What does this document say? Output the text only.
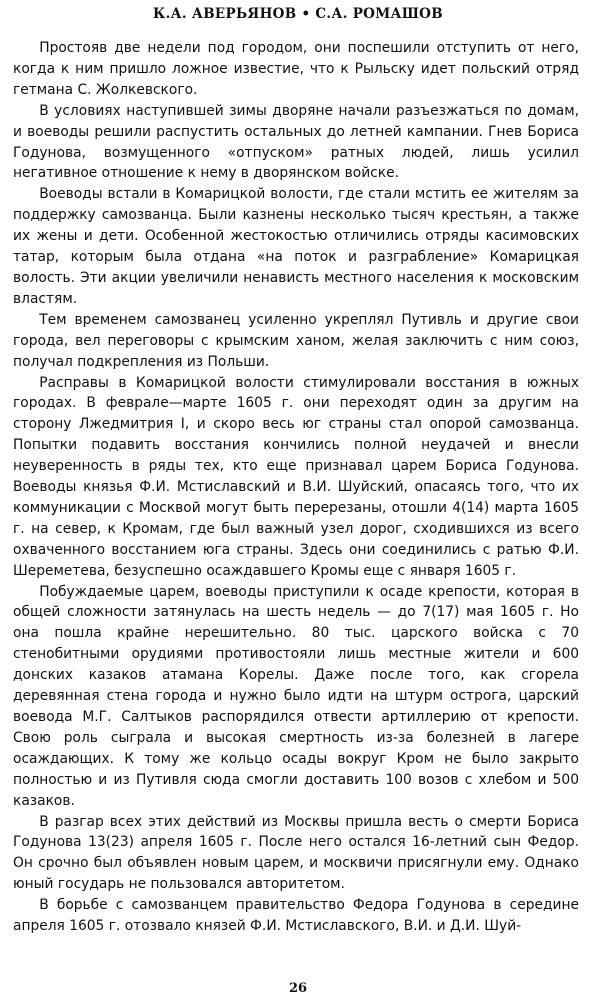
К.А. АВЕРЬЯНОВ • С.А. РОМАШОВ

Простояв две недели под городом, они поспешили отступить от него, когда к ним пришло ложное известие, что к Рыльску идет польский отряд гетмана С. Жолкевского.

В условиях наступившей зимы дворяне начали разъезжаться по домам, и воеводы решили распустить остальных до летней кампании. Гнев Бориса Годунова, возмущенного «отпуском» ратных людей, лишь усилил негативное отношение к нему в дворянском войске.

Воеводы встали в Комарицкой волости, где стали мстить ее жителям за поддержку самозванца. Были казнены несколько тысяч крестьян, а также их жены и дети. Особенной жестокостью отличились отряды касимовских татар, которым была отдана «на поток и разграбление» Комарицкая волость. Эти акции увеличили ненависть местного населения к московским властям.

Тем временем самозванец усиленно укреплял Путивль и другие свои города, вел переговоры с крымским ханом, желая заключить с ним союз, получал подкрепления из Польши.

Расправы в Комарицкой волости стимулировали восстания в южных городах. В феврале—марте 1605 г. они переходят один за другим на сторону Лжедмитрия I, и скоро весь юг страны стал опорой самозванца. Попытки подавить восстания кончились полной неудачей и внесли неуверенность в ряды тех, кто еще признавал царем Бориса Годунова. Воеводы князья Ф.И. Мстиславский и В.И. Шуйский, опасаясь того, что их коммуникации с Москвой могут быть перерезаны, отошли 4(14) марта 1605 г. на север, к Кромам, где был важный узел дорог, сходившихся из всего охваченного восстанием юга страны. Здесь они соединились с ратью Ф.И. Шереметева, безуспешно осаждавшего Кромы еще с января 1605 г.

Побуждаемые царем, воеводы приступили к осаде крепости, которая в общей сложности затянулась на шесть недель — до 7(17) мая 1605 г. Но она пошла крайне нерешительно. 80 тыс. царского войска с 70 стенобитными орудиями противостояли лишь местные жители и 600 донских казаков атамана Корелы. Даже после того, как сгорела деревянная стена города и нужно было идти на штурм острога, царский воевода М.Г. Салтыков распорядился отвести артиллерию от крепости. Свою роль сыграла и высокая смертность из-за болезней в лагере осаждающих. К тому же кольцо осады вокруг Кром не было закрыто полностью и из Путивля сюда смогли доставить 100 возов с хлебом и 500 казаков.

В разгар всех этих действий из Москвы пришла весть о смерти Бориса Годунова 13(23) апреля 1605 г. После него остался 16-летний сын Федор. Он срочно был объявлен новым царем, и москвичи присягнули ему. Однако юный государь не пользовался авторитетом.

В борьбе с самозванцем правительство Федора Годунова в середине апреля 1605 г. отозвало князей Ф.И. Мстиславского, В.И. и Д.И. Шуй-

26
